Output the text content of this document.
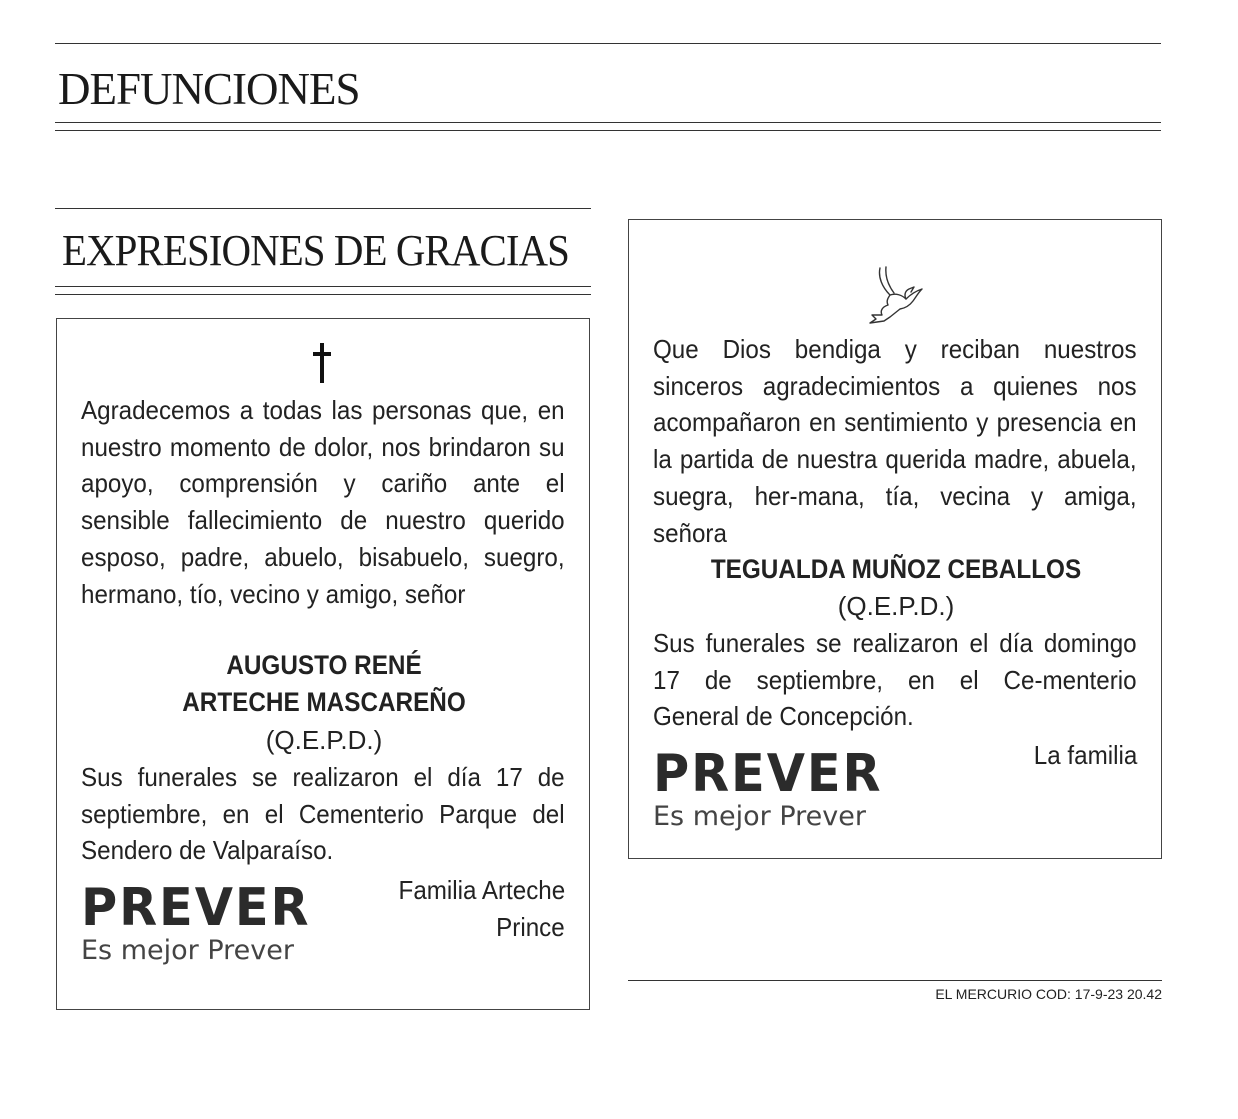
DEFUNCIONES
EXPRESIONES DE GRACIAS

Agradecemos a todas las personas que, en nuestro momento de dolor, nos brindaron su apoyo, comprensión y cariño ante el sensible fallecimiento de nuestro querido esposo, padre, abuelo, bisabuelo, suegro, hermano, tío, vecino y amigo, señor

AUGUSTO RENÉ

ARTECHE MASCAREÑO

(Q.E.P.D.)

Sus funerales se realizaron el día 17 de septiembre, en el Cementerio Parque del Sendero de Valparaíso.

PREVER
Es mejor Prever

Familia Arteche

Prince

Que Dios bendiga y reciban nuestros sinceros agradecimientos a quienes nos acompañaron en sentimiento y presencia en la partida de nuestra querida madre, abuela, suegra, her-mana, tía, vecina y amiga, señora

TEGUALDA MUÑOZ CEBALLOS

(Q.E.P.D.)

Sus funerales se realizaron el día domingo 17 de septiembre, en el Ce-menterio General de Concepción.

PREVER
Es mejor Prever

La familia

EL MERCURIO COD: 17-9-23 20.42
